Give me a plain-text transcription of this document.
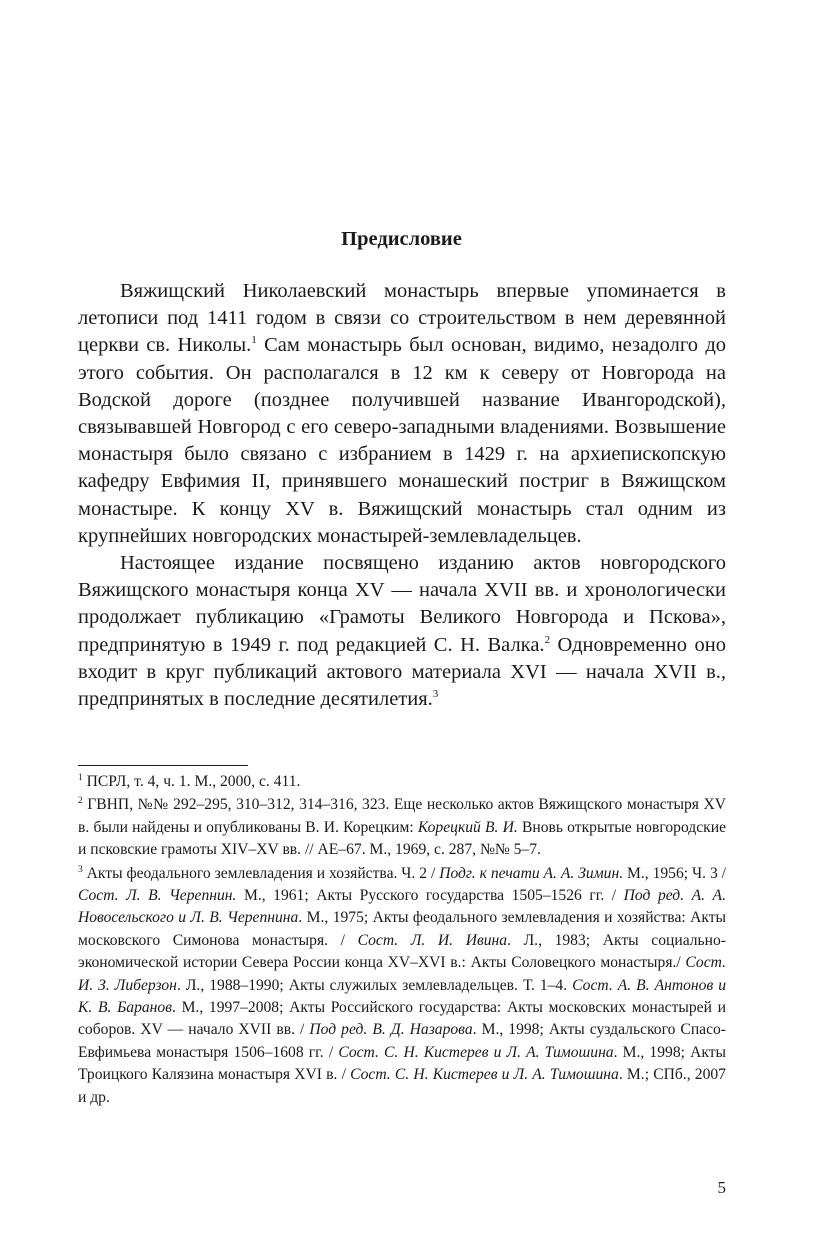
Предисловие

Вяжищский Николаевский монастырь впервые упоминается в летописи под 1411 годом в связи со строительством в нем деревянной церкви св. Николы.$^1$ Сам монастырь был основан, видимо, незадолго до этого события. Он располагался в 12 км к северу от Новгорода на Водской дороге (позднее получившей название Ивангородской), связывавшей Новгород с его северо-западными владениями. Возвышение монастыря было связано с избранием в 1429 г. на архиепископскую кафедру Евфимия II, принявшего монашеский постриг в Вяжищском монастыре. К концу XV в. Вяжищский монастырь стал одним из крупнейших новгородских монастырей-землевладельцев.

Настоящее издание посвящено изданию актов новгородского Вяжищского монастыря конца XV — начала XVII вв. и хронологически продолжает публикацию «Грамоты Великого Новгорода и Пскова», предпринятую в 1949 г. под редакцией С. Н. Валка.$^2$ Одновременно оно входит в круг публикаций актового материала XVI — начала XVII в., предпринятых в последние десятилетия.$^3$

$^1$ ПСРЛ, т. 4, ч. 1. М., 2000, с. 411.

$^2$ ГВНП, №№ 292–295, 310–312, 314–316, 323. Еще несколько актов Вяжищского монастыря XV в. были найдены и опубликованы В. И. Корецким: Корецкий В. И. Вновь открытые новгородские и псковские грамоты XIV–XV вв. // АЕ–67. М., 1969, с. 287, №№ 5–7.

$^3$ Акты феодального землевладения и хозяйства. Ч. 2 / Подг. к печати А. А. Зимин. М., 1956; Ч. 3 / Сост. Л. В. Черепнин. М., 1961; Акты Русского государства 1505–1526 гг. / Под ред. А. А. Новосельского и Л. В. Черепнина. М., 1975; Акты феодального землевладения и хозяйства: Акты московского Симонова монастыря. / Сост. Л. И. Ивина. Л., 1983; Акты социально-экономической истории Севера России конца XV–XVI в.: Акты Соловецкого монастыря./ Сост. И. З. Либерзон. Л., 1988–1990; Акты служилых землевладельцев. Т. 1–4. Сост. А. В. Антонов и К. В. Баранов. М., 1997–2008; Акты Российского государства: Акты московских монастырей и соборов. XV — начало XVII вв. / Под ред. В. Д. Назарова. М., 1998; Акты суздальского Спасо-Евфимьева монастыря 1506–1608 гг. / Сост. С. Н. Кистерев и Л. А. Тимошина. М., 1998; Акты Троицкого Калязина монастыря XVI в. / Сост. С. Н. Кистерев и Л. А. Тимошина. М.; СПб., 2007 и др.

5
